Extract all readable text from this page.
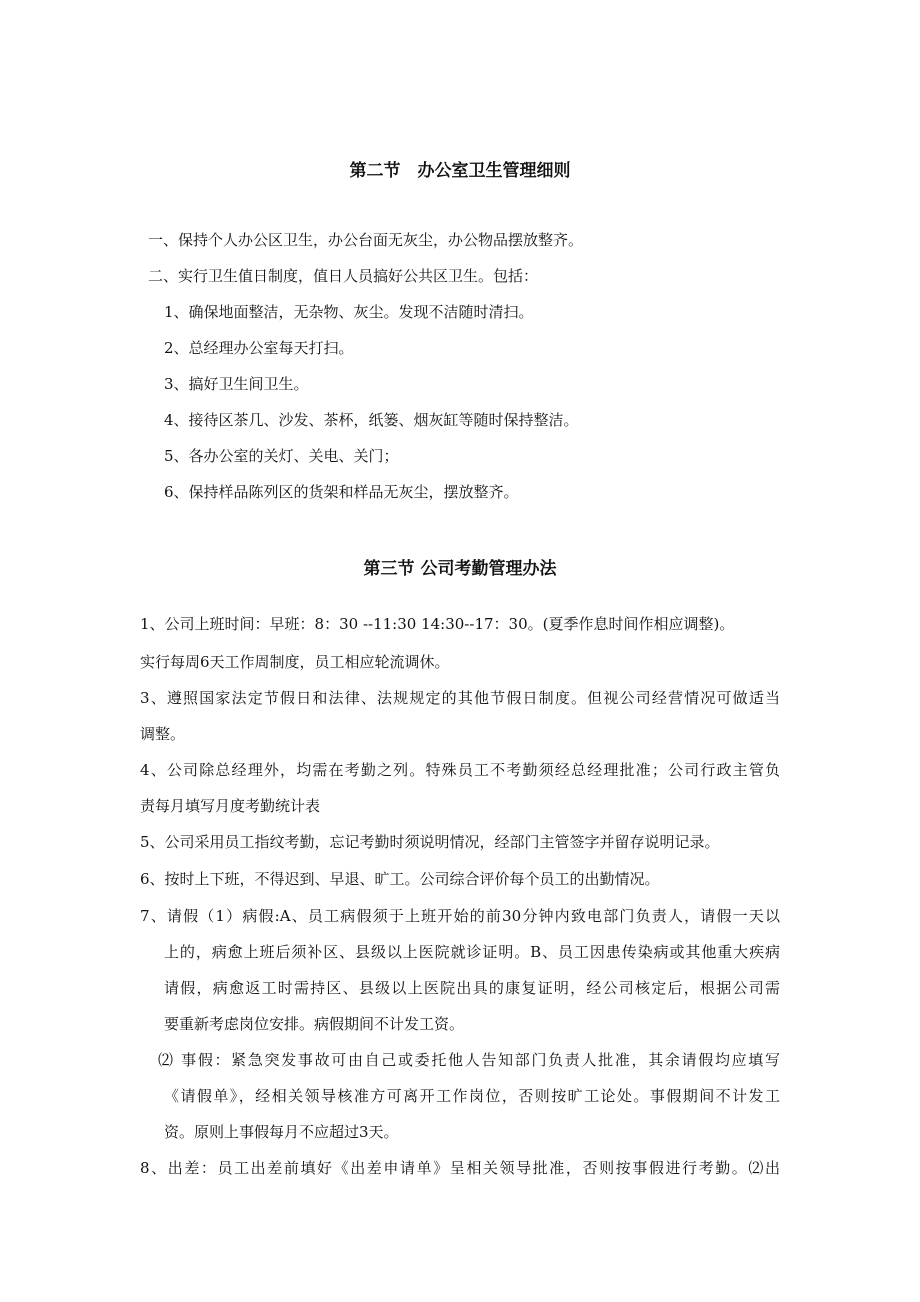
第二节　办公室卫生管理细则
一、保持个人办公区卫生，办公台面无灰尘，办公物品摆放整齐。
二、实行卫生值日制度，值日人员搞好公共区卫生。包括：
1、确保地面整洁，无杂物、灰尘。发现不洁随时清扫。
2、总经理办公室每天打扫。
3、搞好卫生间卫生。
4、接待区茶几、沙发、茶杯，纸篓、烟灰缸等随时保持整洁。
5、各办公室的关灯、关电、关门；
6、保持样品陈列区的货架和样品无灰尘，摆放整齐。
第三节 公司考勤管理办法
1、公司上班时间：早班：8：30 --11:30 14:30--17：30。(夏季作息时间作相应调整)。
实行每周6天工作周制度，员工相应轮流调休。
3、遵照国家法定节假日和法律、法规规定的其他节假日制度。但视公司经营情况可做适当
调整。
4、公司除总经理外，均需在考勤之列。特殊员工不考勤须经总经理批准；公司行政主管负
责每月填写月度考勤统计表
5、公司采用员工指纹考勤，忘记考勤时须说明情况，经部门主管签字并留存说明记录。
6、按时上下班，不得迟到、早退、旷工。公司综合评价每个员工的出勤情况。
7、请假（1）病假:A、员工病假须于上班开始的前30分钟内致电部门负责人，请假一天以
上的，病愈上班后须补区、县级以上医院就诊证明。B、员工因患传染病或其他重大疾病
请假，病愈返工时需持区、县级以上医院出具的康复证明，经公司核定后，根据公司需
要重新考虑岗位安排。病假期间不计发工资。
⑵ 事假：紧急突发事故可由自己或委托他人告知部门负责人批准，其余请假均应填写
《请假单》，经相关领导核准方可离开工作岗位，否则按旷工论处。事假期间不计发工
资。原则上事假每月不应超过3天。
8、出差：员工出差前填好《出差申请单》呈相关领导批准，否则按事假进行考勤。⑵出
